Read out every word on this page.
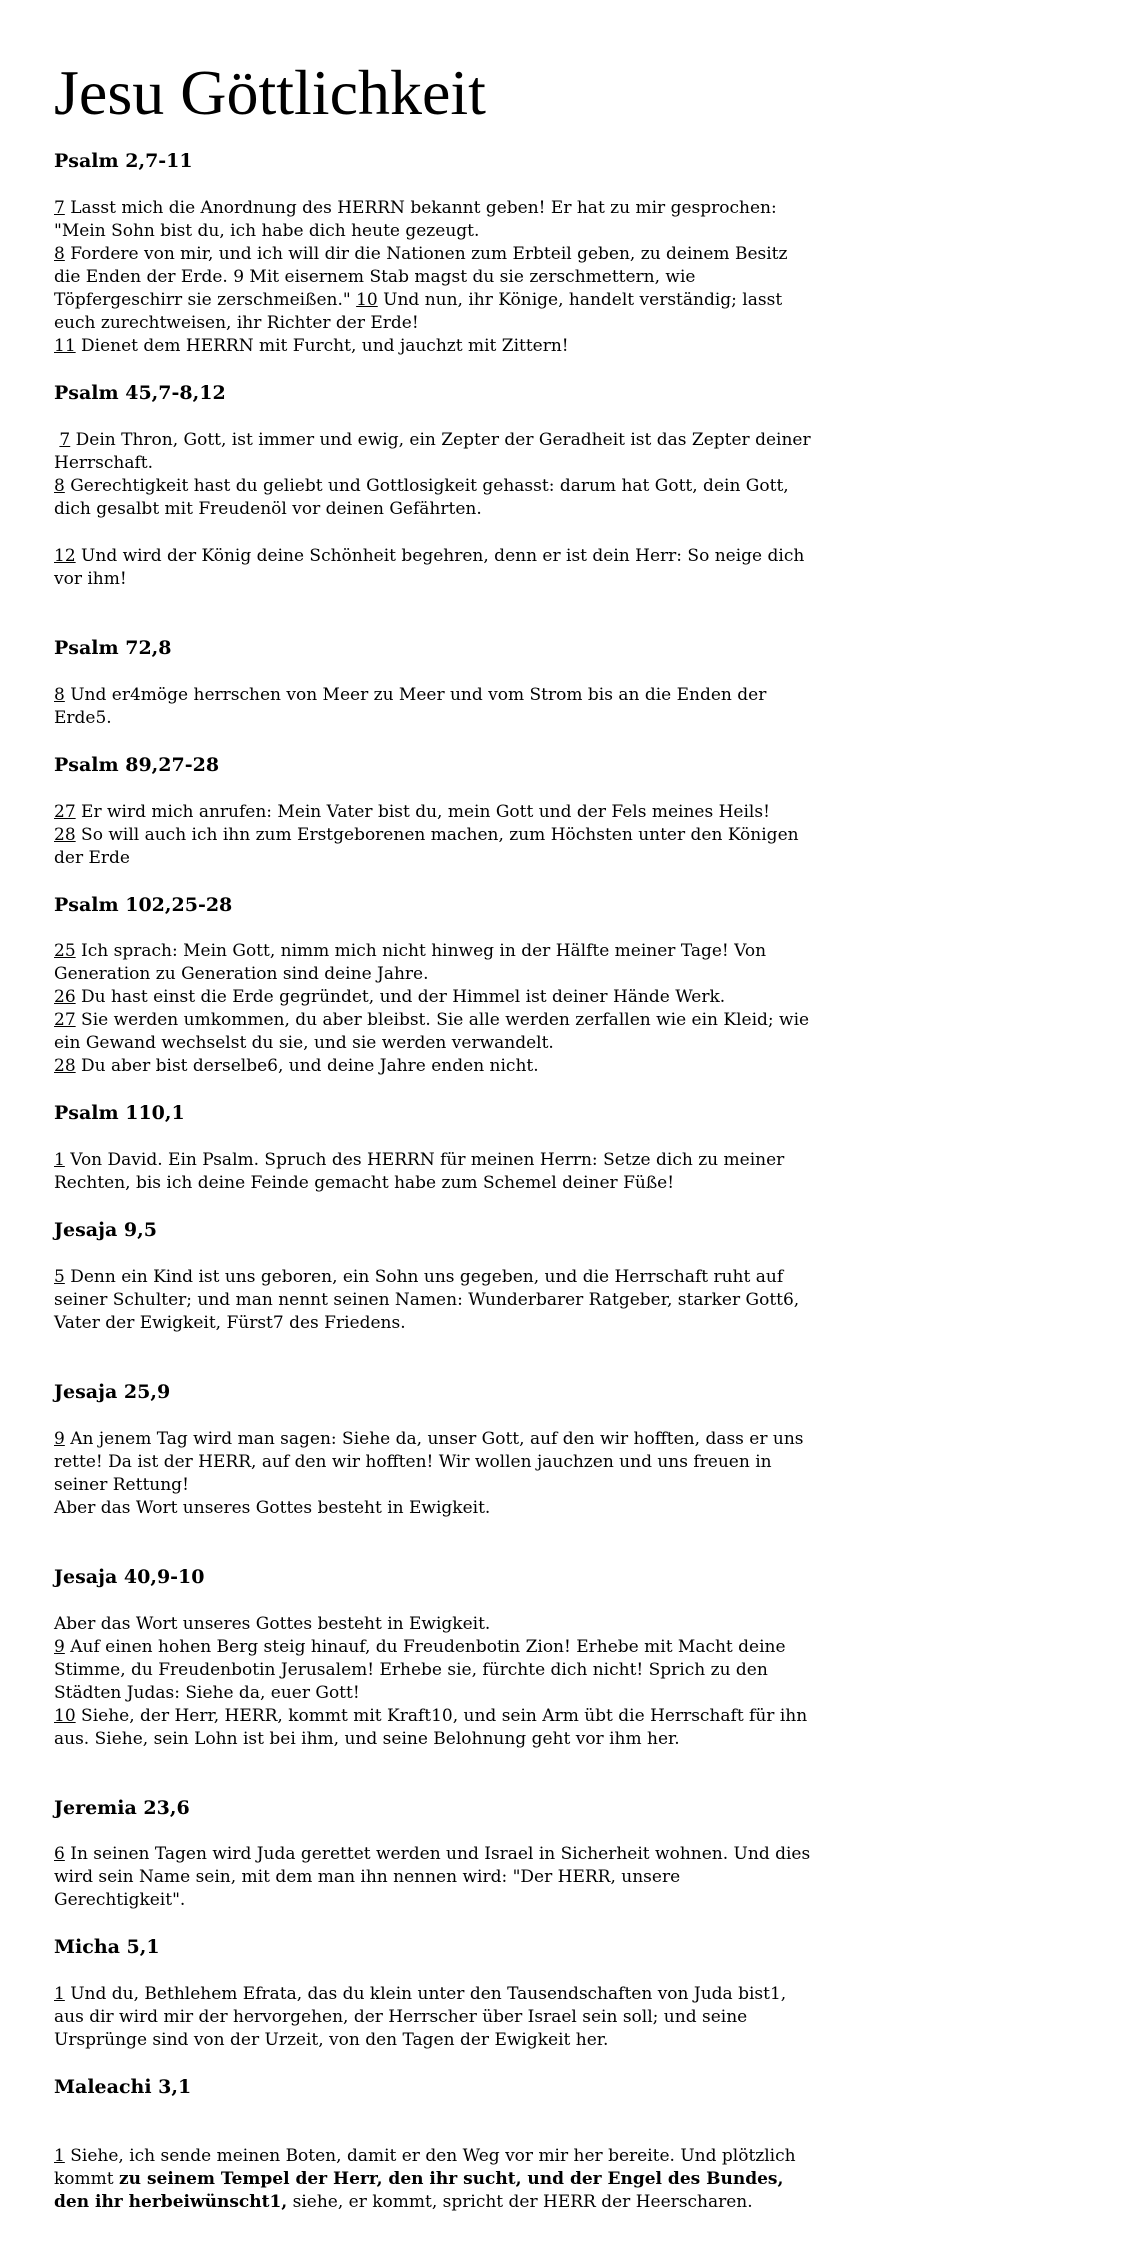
Jesu Göttlichkeit
Psalm 2,7-11

7 Lasst mich die Anordnung des HERRN bekannt geben! Er hat zu mir gesprochen: "Mein Sohn bist du, ich habe dich heute gezeugt.
8 Fordere von mir, und ich will dir die Nationen zum Erbteil geben, zu deinem Besitz die Enden der Erde. 9 Mit eisernem Stab magst du sie zerschmettern, wie Töpfergeschirr sie zerschmeißen." 10 Und nun, ihr Könige, handelt verständig; lasst euch zurechtweisen, ihr Richter der Erde!
11 Dienet dem HERRN mit Furcht, und jauchzt mit Zittern!

Psalm 45,7-8,12

7 Dein Thron, Gott, ist immer und ewig, ein Zepter der Geradheit ist das Zepter deiner Herrschaft.
8 Gerechtigkeit hast du geliebt und Gottlosigkeit gehasst: darum hat Gott, dein Gott, dich gesalbt mit Freudenöl vor deinen Gefährten.

12 Und wird der König deine Schönheit begehren, denn er ist dein Herr: So neige dich vor ihm!

Psalm 72,8

8 Und er4möge herrschen von Meer zu Meer und vom Strom bis an die Enden der Erde5.

Psalm 89,27-28

27 Er wird mich anrufen: Mein Vater bist du, mein Gott und der Fels meines Heils!
28 So will auch ich ihn zum Erstgeborenen machen, zum Höchsten unter den Königen der Erde

Psalm 102,25-28

25 Ich sprach: Mein Gott, nimm mich nicht hinweg in der Hälfte meiner Tage! Von Generation zu Generation sind deine Jahre.
26 Du hast einst die Erde gegründet, und der Himmel ist deiner Hände Werk.
27 Sie werden umkommen, du aber bleibst. Sie alle werden zerfallen wie ein Kleid; wie ein Gewand wechselst du sie, und sie werden verwandelt.
28 Du aber bist derselbe6, und deine Jahre enden nicht.

Psalm 110,1

1 Von David. Ein Psalm. Spruch des HERRN für meinen Herrn: Setze dich zu meiner Rechten, bis ich deine Feinde gemacht habe zum Schemel deiner Füße!

Jesaja 9,5

5 Denn ein Kind ist uns geboren, ein Sohn uns gegeben, und die Herrschaft ruht auf seiner Schulter; und man nennt seinen Namen: Wunderbarer Ratgeber, starker Gott6, Vater der Ewigkeit, Fürst7 des Friedens.

Jesaja 25,9

9 An jenem Tag wird man sagen: Siehe da, unser Gott, auf den wir hofften, dass er uns rette! Da ist der HERR, auf den wir hofften! Wir wollen jauchzen und uns freuen in seiner Rettung!
Aber das Wort unseres Gottes besteht in Ewigkeit.

Jesaja 40,9-10

Aber das Wort unseres Gottes besteht in Ewigkeit.
9 Auf einen hohen Berg steig hinauf, du Freudenbotin Zion! Erhebe mit Macht deine Stimme, du Freudenbotin Jerusalem! Erhebe sie, fürchte dich nicht! Sprich zu den Städten Judas: Siehe da, euer Gott!
10 Siehe, der Herr, HERR, kommt mit Kraft10, und sein Arm übt die Herrschaft für ihn aus. Siehe, sein Lohn ist bei ihm, und seine Belohnung geht vor ihm her.

Jeremia 23,6

6 In seinen Tagen wird Juda gerettet werden und Israel in Sicherheit wohnen. Und dies wird sein Name sein, mit dem man ihn nennen wird: "Der HERR, unsere Gerechtigkeit".

Micha 5,1

1 Und du, Bethlehem Efrata, das du klein unter den Tausendschaften von Juda bist1, aus dir wird mir der hervorgehen, der Herrscher über Israel sein soll; und seine Ursprünge sind von der Urzeit, von den Tagen der Ewigkeit her.

Maleachi 3,1

1 Siehe, ich sende meinen Boten, damit er den Weg vor mir her bereite. Und plötzlich kommt zu seinem Tempel der Herr, den ihr sucht, und der Engel des Bundes, den ihr herbeiwünscht1, siehe, er kommt, spricht der HERR der Heerscharen.
